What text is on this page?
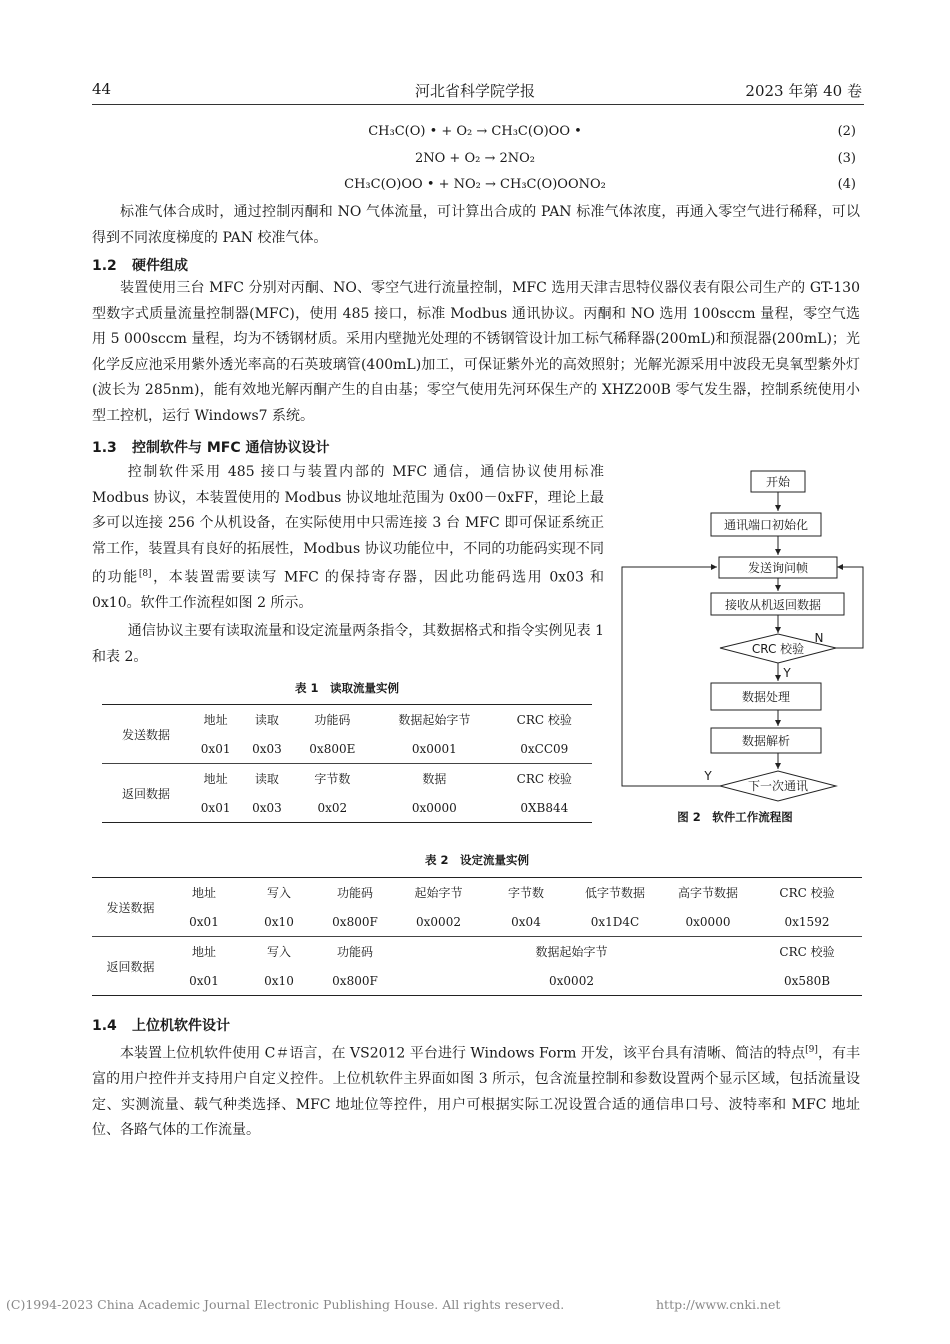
44	河北省科学院学报	2023 年第 40 卷
CH₃C(O) • + O₂ → CH₃C(O)OO •	(2)
2NO + O₂ → 2NO₂	(3)
CH₃C(O)OO • + NO₂ → CH₃C(O)OONO₂	(4)
标准气体合成时，通过控制丙酮和 NO 气体流量，可计算出合成的 PAN 标准气体浓度，再通入零空气进行稀释，可以得到不同浓度梯度的 PAN 校准气体。
1.2 硬件组成
装置使用三台 MFC 分别对丙酮、NO、零空气进行流量控制，MFC 选用天津吉思特仪器仪表有限公司生产的 GT-130 型数字式质量流量控制器(MFC)，使用 485 接口，标准 Modbus 通讯协议。丙酮和 NO 选用 100sccm 量程，零空气选用 5 000sccm 量程，均为不锈钢材质。采用内壁抛光处理的不锈钢管设计加工标气稀释器(200mL)和预混器(200mL)；光化学反应池采用紫外透光率高的石英玻璃管(400mL)加工，可保证紫外光的高效照射；光解光源采用中波段无臭氧型紫外灯(波长为 285nm)，能有效地光解丙酮产生的自由基；零空气使用先河环保生产的 XHZ200B 零气发生器，控制系统使用小型工控机，运行 Windows7 系统。
1.3 控制软件与 MFC 通信协议设计
控制软件采用 485 接口与装置内部的 MFC 通信，通信协议使用标准 Modbus 协议，本装置使用的 Modbus 协议地址范围为 0x00－0xFF，理论上最多可以连接 256 个从机设备，在实际使用中只需连接 3 台 MFC 即可保证系统正常工作，装置具有良好的拓展性，Modbus 协议功能位中，不同的功能码实现不同的功能[8]，本装置需要读写 MFC 的保持寄存器，因此功能码选用 0x03 和 0x10。软件工作流程如图 2 所示。
通信协议主要有读取流量和设定流量两条指令，其数据格式和指令实例见表 1 和表 2。
表 1　读取流量实例
发送数据	地址	读取	功能码	数据起始字节	CRC 校验
	0x01	0x03	0x800E	0x0001	0xCC09
返回数据	地址	读取	字节数	数据	CRC 校验
	0x01	0x03	0x02	0x0000	0XB844
开始
通讯端口初始化
发送询问帧
接收从机返回数据
CRC 校验
数据处理
数据解析
下一次通讯
N
Y
Y
图 2　软件工作流程图
表 2　设定流量实例
发送数据	地址	写入	功能码	起始字节	字节数	低字节数据	高字节数据	CRC 校验
	0x01	0x10	0x800F	0x0002	0x04	0x1D4C	0x0000	0x1592
返回数据	地址	写入	功能码	数据起始字节				CRC 校验
	0x01	0x10	0x800F	0x0002				0x580B
1.4 上位机软件设计
本装置上位机软件使用 C＃语言，在 VS2012 平台进行 Windows Form 开发，该平台具有清晰、简洁的特点[9]，有丰富的用户控件并支持用户自定义控件。上位机软件主界面如图 3 所示，包含流量控制和参数设置两个显示区域，包括流量设定、实测流量、载气种类选择、MFC 地址位等控件，用户可根据实际工况设置合适的通信串口号、波特率和 MFC 地址位、各路气体的工作流量。
(C)1994-2023 China Academic Journal Electronic Publishing House. All rights reserved.	http://www.cnki.net
